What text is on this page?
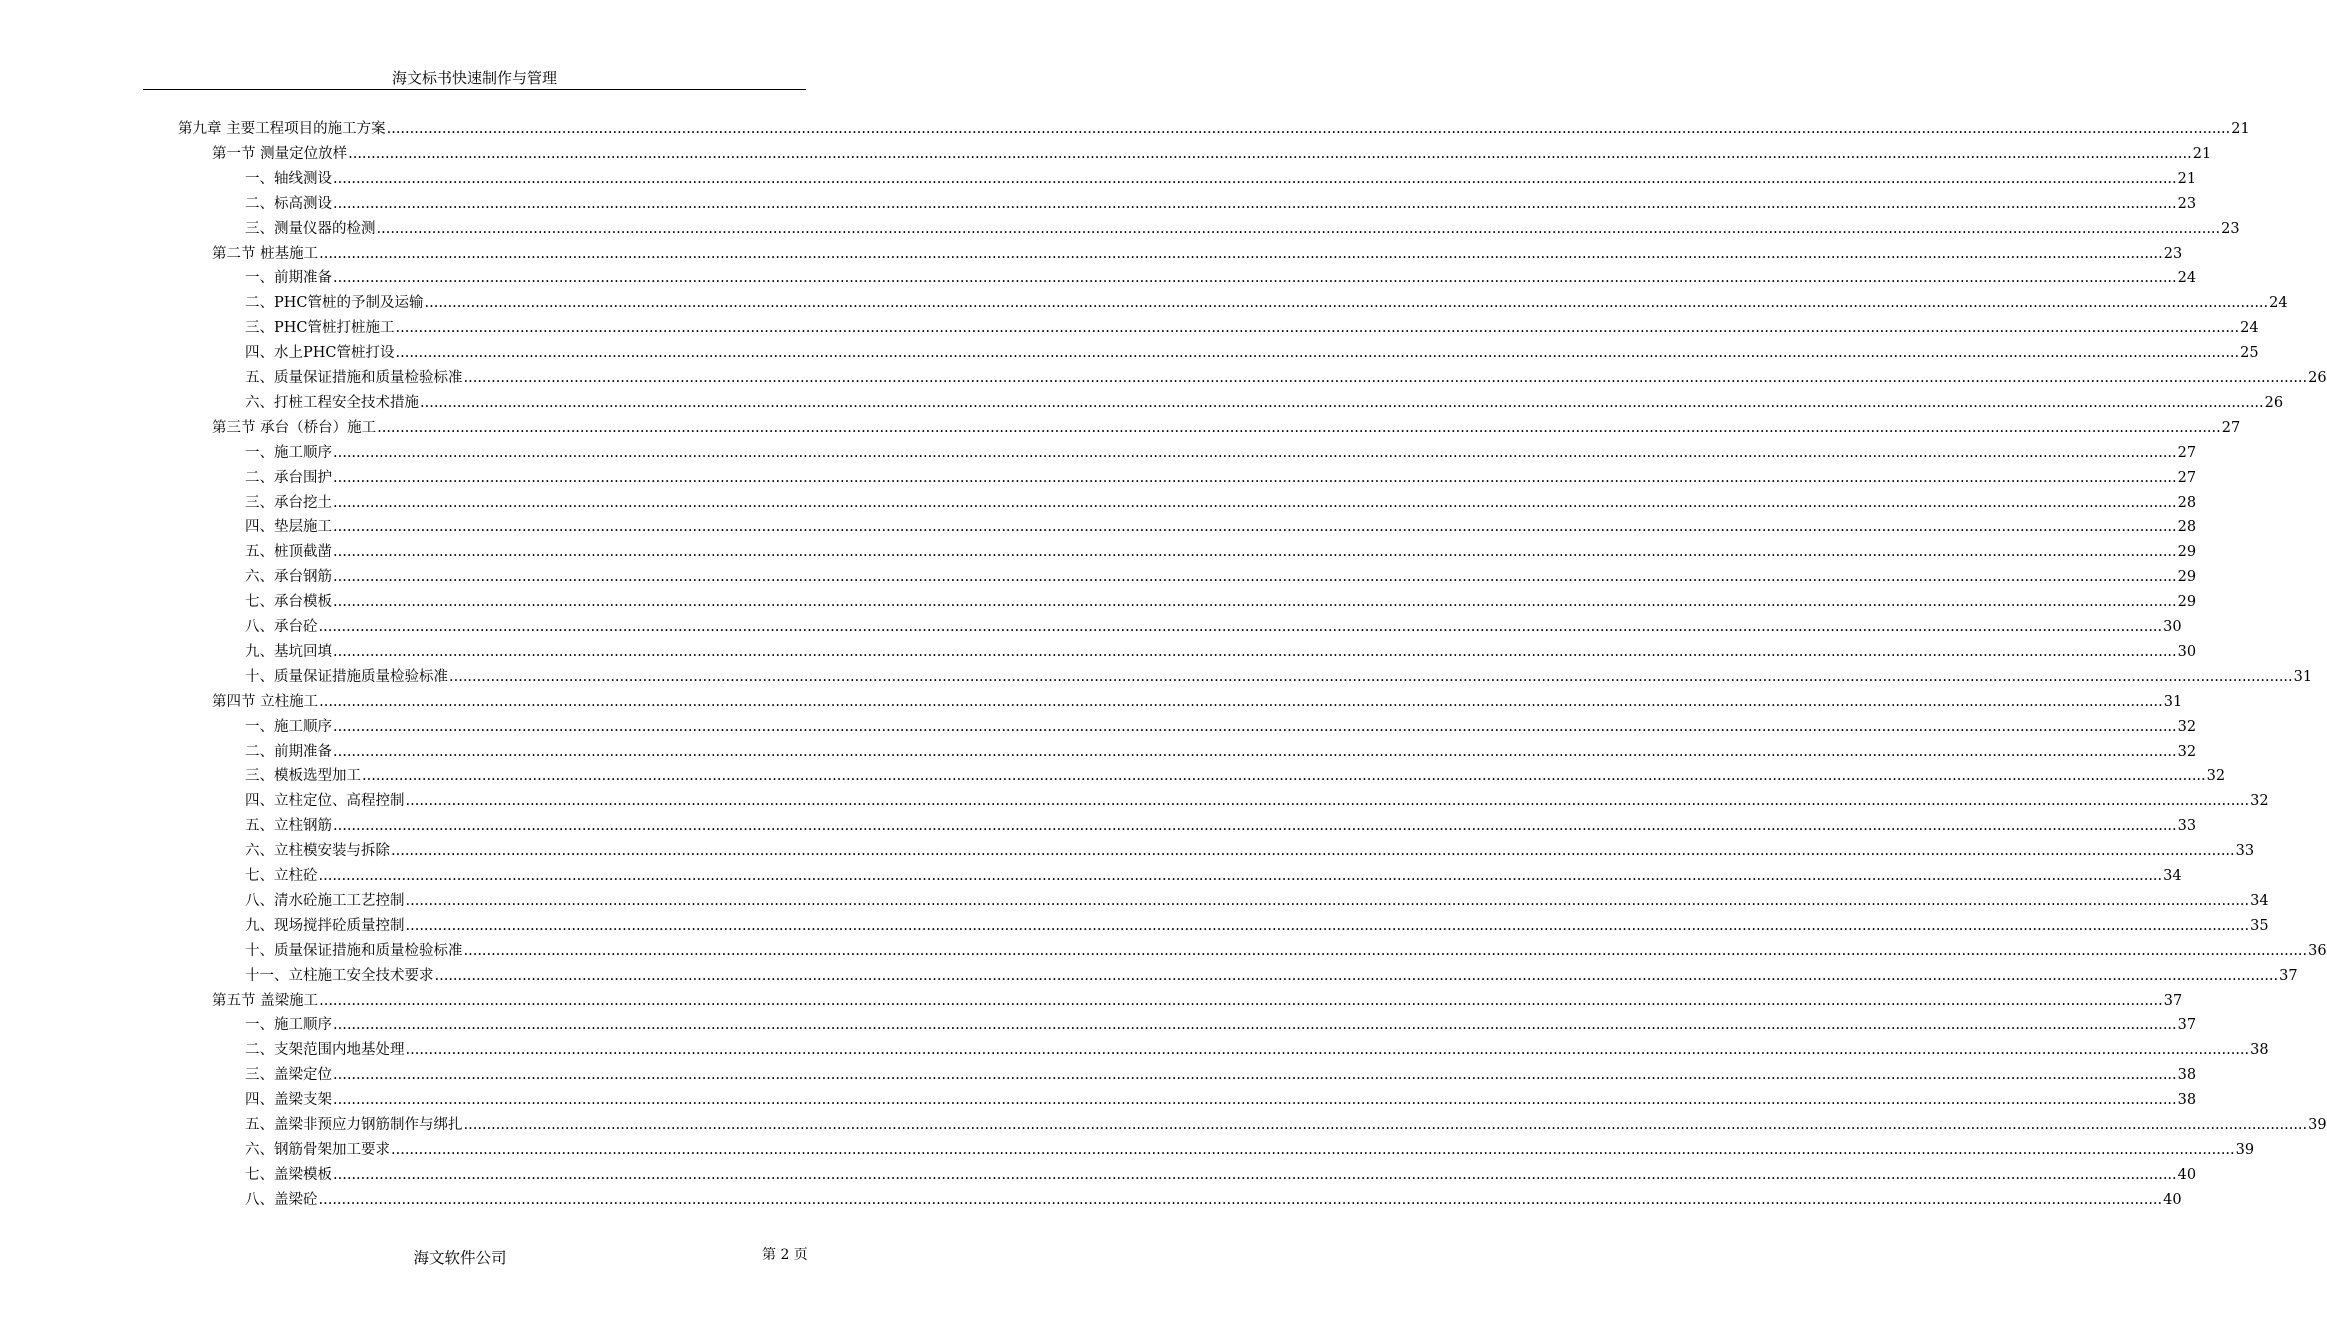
海文标书快速制作与管理
第九章 主要工程项目的施工方案 ................................................................................................................................................................................................................................................................................................................................................................................................................ 21
第一节 测量定位放样 ................................................................................................................................................................................................................................................................................................................................................................................................................ 21
一、 轴线测设 ................................................................................................................................................................................................................................................................................................................................................................................................................ 21
二、 标高测设 ................................................................................................................................................................................................................................................................................................................................................................................................................ 23
三、 测量仪器的检测 ................................................................................................................................................................................................................................................................................................................................................................................................................ 23
第二节 桩基施工 ................................................................................................................................................................................................................................................................................................................................................................................................................ 23
一、 前期准备 ................................................................................................................................................................................................................................................................................................................................................................................................................ 24
二、 PHC管桩的予制及运输 ................................................................................................................................................................................................................................................................................................................................................................................................................ 24
三、 PHC管桩打桩施工 ................................................................................................................................................................................................................................................................................................................................................................................................................ 24
四、 水上PHC管桩打设 ................................................................................................................................................................................................................................................................................................................................................................................................................ 25
五、 质量保证措施和质量检验标准 ................................................................................................................................................................................................................................................................................................................................................................................................................ 26
六、 打桩工程安全技术措施 ................................................................................................................................................................................................................................................................................................................................................................................................................ 26
第三节 承台（桥台）施工 ................................................................................................................................................................................................................................................................................................................................................................................................................ 27
一、 施工顺序 ................................................................................................................................................................................................................................................................................................................................................................................................................ 27
二、 承台围护 ................................................................................................................................................................................................................................................................................................................................................................................................................ 27
三、 承台挖土 ................................................................................................................................................................................................................................................................................................................................................................................................................ 28
四、 垫层施工 ................................................................................................................................................................................................................................................................................................................................................................................................................ 28
五、 桩顶截凿 ................................................................................................................................................................................................................................................................................................................................................................................................................ 29
六、 承台钢筋 ................................................................................................................................................................................................................................................................................................................................................................................................................ 29
七、 承台模板 ................................................................................................................................................................................................................................................................................................................................................................................................................ 29
八、 承台砼 ................................................................................................................................................................................................................................................................................................................................................................................................................ 30
九、 基坑回填 ................................................................................................................................................................................................................................................................................................................................................................................................................ 30
十、 质量保证措施质量检验标准 ................................................................................................................................................................................................................................................................................................................................................................................................................ 31
第四节 立柱施工 ................................................................................................................................................................................................................................................................................................................................................................................................................ 31
一、 施工顺序 ................................................................................................................................................................................................................................................................................................................................................................................................................ 32
二、 前期准备 ................................................................................................................................................................................................................................................................................................................................................................................................................ 32
三、 模板选型加工 ................................................................................................................................................................................................................................................................................................................................................................................................................ 32
四、 立柱定位、高程控制 ................................................................................................................................................................................................................................................................................................................................................................................................................ 32
五、 立柱钢筋 ................................................................................................................................................................................................................................................................................................................................................................................................................ 33
六、 立柱模安装与拆除 ................................................................................................................................................................................................................................................................................................................................................................................................................ 33
七、 立柱砼 ................................................................................................................................................................................................................................................................................................................................................................................................................ 34
八、 清水砼施工工艺控制 ................................................................................................................................................................................................................................................................................................................................................................................................................ 34
九、 现场搅拌砼质量控制 ................................................................................................................................................................................................................................................................................................................................................................................................................ 35
十、 质量保证措施和质量检验标准 ................................................................................................................................................................................................................................................................................................................................................................................................................ 36
十一、 立柱施工安全技术要求 ................................................................................................................................................................................................................................................................................................................................................................................................................ 37
第五节 盖梁施工 ................................................................................................................................................................................................................................................................................................................................................................................................................ 37
一、 施工顺序 ................................................................................................................................................................................................................................................................................................................................................................................................................ 37
二、 支架范围内地基处理 ................................................................................................................................................................................................................................................................................................................................................................................................................ 38
三、 盖梁定位 ................................................................................................................................................................................................................................................................................................................................................................................................................ 38
四、 盖梁支架 ................................................................................................................................................................................................................................................................................................................................................................................................................ 38
五、 盖梁非预应力钢筋制作与绑扎 ................................................................................................................................................................................................................................................................................................................................................................................................................ 39
六、 钢筋骨架加工要求 ................................................................................................................................................................................................................................................................................................................................................................................................................ 39
七、 盖梁模板 ................................................................................................................................................................................................................................................................................................................................................................................................................ 40
八、 盖梁砼 ................................................................................................................................................................................................................................................................................................................................................................................................................ 40
海文软件公司	第 2 页
